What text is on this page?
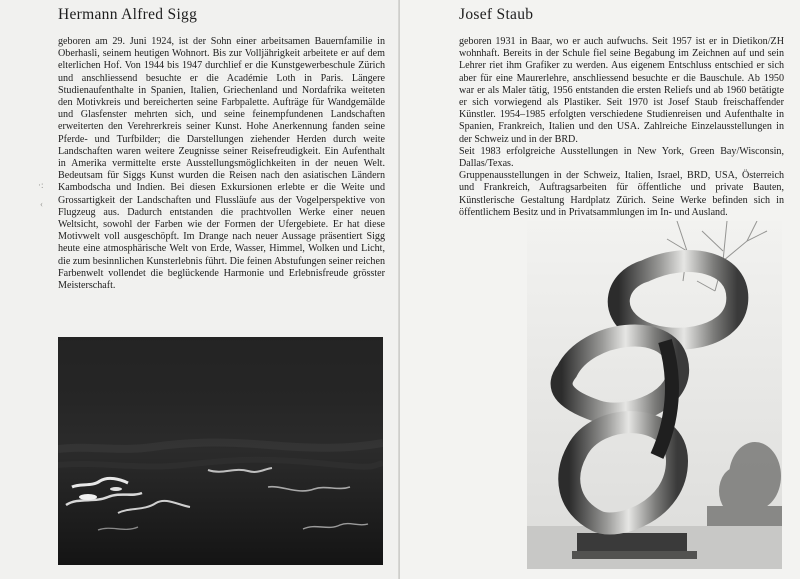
Hermann Alfred Sigg

geboren am 29. Juni 1924, ist der Sohn einer arbeitsamen Bauernfamilie in Oberhasli, seinem heutigen Wohnort. Bis zur Volljährigkeit arbeitete er auf dem elterlichen Hof. Von 1944 bis 1947 durchlief er die Kunstgewerbeschule Zürich und anschliessend besuchte er die Académie Loth in Paris. Längere Studienaufenthalte in Spanien, Italien, Griechenland und Nordafrika weiteten den Motivkreis und bereicherten seine Farbpalette. Aufträge für Wandgemälde und Glasfenster mehrten sich, und seine feinempfundenen Landschaften erweiterten den Verehrerkreis seiner Kunst. Hohe Anerkennung fanden seine Pferde- und Turfbilder; die Darstellungen ziehender Herden durch weite Landschaften waren weitere Zeugnisse seiner Reisefreudigkeit. Ein Aufenthalt in Amerika vermittelte erste Ausstellungsmöglichkeiten in der neuen Welt. Bedeutsam für Siggs Kunst wurden die Reisen nach den asiatischen Ländern Kambodscha und Indien. Bei diesen Exkursionen erlebte er die Weite und Grossartigkeit der Landschaften und Flussläufe aus der Vogelperspektive von Flugzeug aus. Dadurch entstanden die prachtvollen Werke einer neuen Weltsicht, sowohl der Farben wie der Formen der Ufergebiete. Er hat diese Motivwelt voll ausgeschöpft. Im Drange nach neuer Aussage präsentiert Sigg heute eine atmosphärische Welt von Erde, Wasser, Himmel, Wolken und Licht, die zum besinnlichen Kunsterlebnis führt. Die feinen Abstufungen seiner reichen Farbenwelt vollendet die beglückende Harmonie und Erlebnisfreude grösster Meisterschaft.

·:
‹
Josef Staub

geboren 1931 in Baar, wo er auch aufwuchs. Seit 1957 ist er in Dietikon/ZH wohnhaft. Bereits in der Schule fiel seine Begabung im Zeichnen auf und sein Lehrer riet ihm Grafiker zu werden. Aus eigenem Entschluss entschied er sich aber für eine Maurerlehre, anschliessend besuchte er die Bauschule. Ab 1950 war er als Maler tätig, 1956 entstanden die ersten Reliefs und ab 1960 betätigte er sich vorwiegend als Plastiker. Seit 1970 ist Josef Staub freischaffender Künstler. 1954–1985 erfolgten verschiedene Studienreisen und Aufenthalte in Spanien, Frankreich, Italien und den USA. Zahlreiche Einzelausstellungen in der Schweiz und in der BRD.

Seit 1983 erfolgreiche Ausstellungen in New York, Green Bay/Wisconsin, Dallas/Texas.

Gruppenausstellungen in der Schweiz, Italien, Israel, BRD, USA, Österreich und Frankreich, Auftragsarbeiten für öffentliche und private Bauten, Künstlerische Gestaltung Hardplatz Zürich. Seine Werke befinden sich in öffentlichem Besitz und in Privatsammlungen im In- und Ausland.
